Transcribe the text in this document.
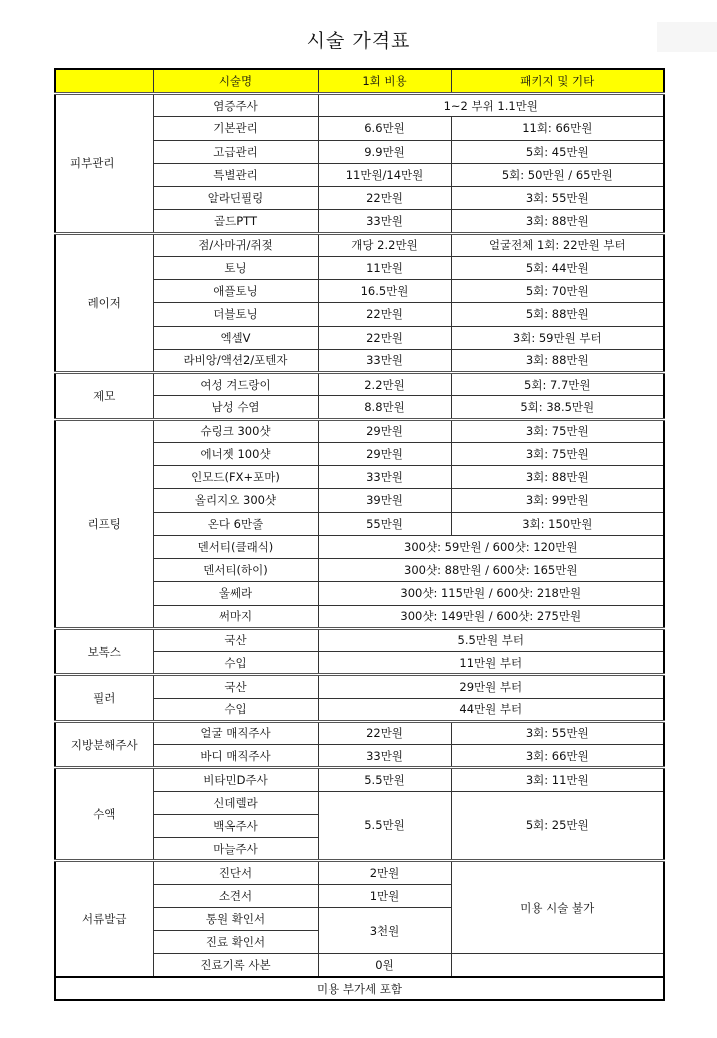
시술 가격표
	시술명	1회 비용	패키지 및 기타
피부관리	염증주사	1~2 부위 1.1만원	
	기본관리	6.6만원	11회: 66만원
	고급관리	9.9만원	5회: 45만원
	특별관리	11만원/14만원	5회: 50만원 / 65만원
	알라딘필링	22만원	3회: 55만원
	골드PTT	33만원	3회: 88만원
레이저	점/사마귀/쥐젖	개당 2.2만원	얼굴전체 1회: 22만원 부터
	토닝	11만원	5회: 44만원
	애플토닝	16.5만원	5회: 70만원
	더블토닝	22만원	5회: 88만원
	엑셀V	22만원	3회: 59만원 부터
	라비앙/액션2/포텐자	33만원	3회: 88만원
제모	여성 겨드랑이	2.2만원	5회: 7.7만원
	남성 수염	8.8만원	5회: 38.5만원
리프팅	슈링크 300샷	29만원	3회: 75만원
	에너젯 100샷	29만원	3회: 75만원
	인모드(FX+포마)	33만원	3회: 88만원
	올리지오 300샷	39만원	3회: 99만원
	온다 6만줄	55만원	3회: 150만원
	덴서티(클래식)	300샷: 59만원 / 600샷: 120만원	
	덴서티(하이)	300샷: 88만원 / 600샷: 165만원	
	울쎄라	300샷: 115만원 / 600샷: 218만원	
	써마지	300샷: 149만원 / 600샷: 275만원	
보톡스	국산	5.5만원 부터	
	수입	11만원 부터	
필러	국산	29만원 부터	
	수입	44만원 부터	
지방분해주사	얼굴 매직주사	22만원	3회: 55만원
	바디 매직주사	33만원	3회: 66만원
수액	비타민D주사	5.5만원	3회: 11만원
	신데렐라	5.5만원	5회: 25만원
	백옥주사		
	마늘주사		
서류발급	진단서	2만원	미용 시술 불가
	소견서	1만원	
	통원 확인서	3천원	
	진료 확인서		
	진료기록 사본	0원	
미용 부가세 포함			
